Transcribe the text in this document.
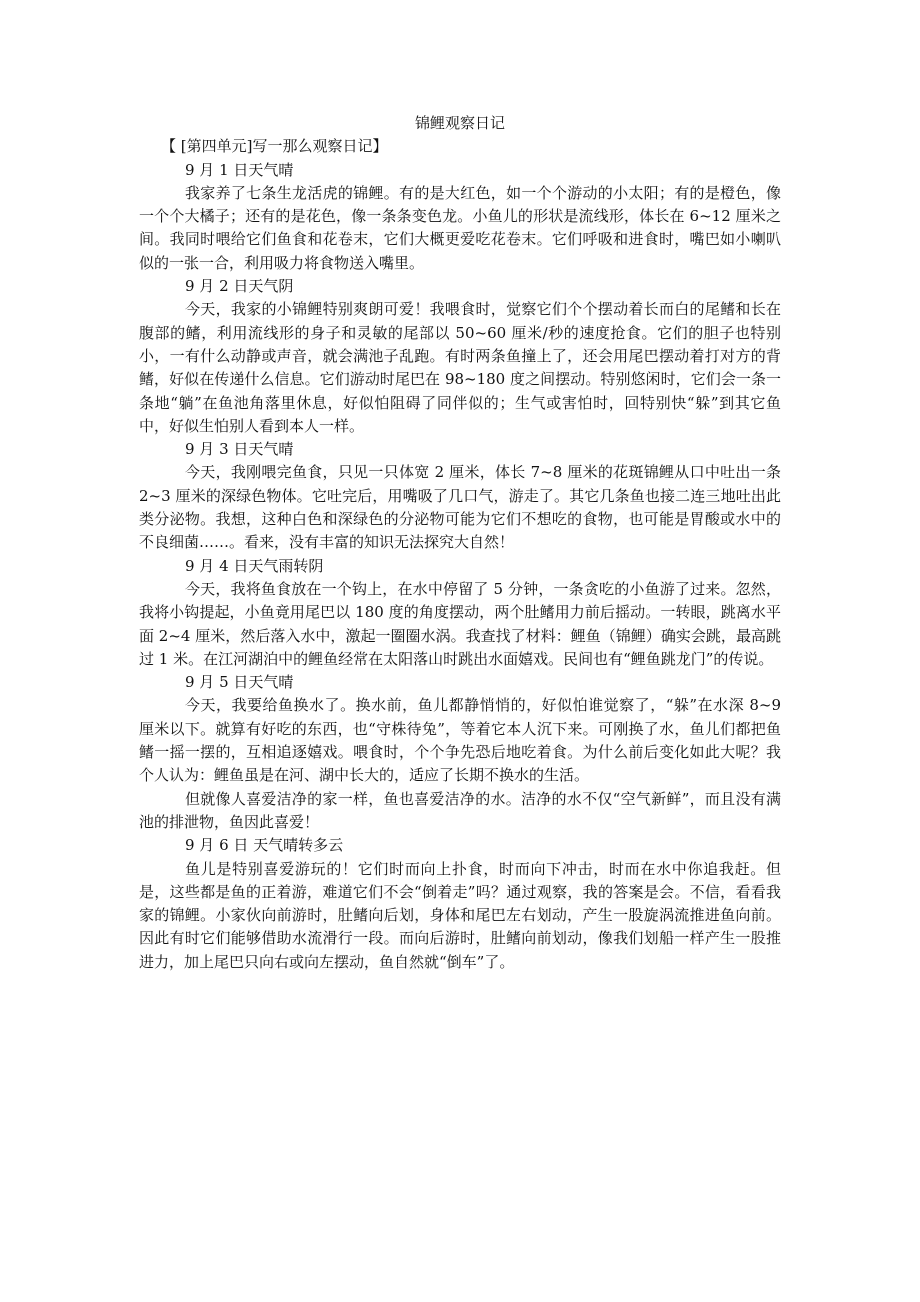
锦鲤观察日记

【 [第四单元]写一那么观察日记】

9 月 1 日天气晴

我家养了七条生龙活虎的锦鲤。有的是大红色，如一个个游动的小太阳；有的是橙色，像一个个大橘子；还有的是花色，像一条条变色龙。小鱼儿的形状是流线形，体长在 6~12 厘米之间。我同时喂给它们鱼食和花卷末，它们大概更爱吃花卷末。它们呼吸和进食时，嘴巴如小喇叭似的一张一合，利用吸力将食物送入嘴里。

9 月 2 日天气阴

今天，我家的小锦鲤特别爽朗可爱！我喂食时，觉察它们个个摆动着长而白的尾鳍和长在腹部的鳍，利用流线形的身子和灵敏的尾部以 50~60 厘米/秒的速度抢食。它们的胆子也特别小，一有什么动静或声音，就会满池子乱跑。有时两条鱼撞上了，还会用尾巴摆动着打对方的背鳍，好似在传递什么信息。它们游动时尾巴在 98~180 度之间摆动。特别悠闲时，它们会一条一条地“躺”在鱼池角落里休息，好似怕阻碍了同伴似的；生气或害怕时，回特别快“躲”到其它鱼中，好似生怕别人看到本人一样。

9 月 3 日天气晴

今天，我刚喂完鱼食，只见一只体宽 2 厘米，体长 7~8 厘米的花斑锦鲤从口中吐出一条 2~3 厘米的深绿色物体。它吐完后，用嘴吸了几口气，游走了。其它几条鱼也接二连三地吐出此类分泌物。我想，这种白色和深绿色的分泌物可能为它们不想吃的食物，也可能是胃酸或水中的不良细菌……。看来，没有丰富的知识无法探究大自然！

9 月 4 日天气雨转阴

今天，我将鱼食放在一个钩上，在水中停留了 5 分钟，一条贪吃的小鱼游了过来。忽然，我将小钩提起，小鱼竟用尾巴以 180 度的角度摆动，两个肚鳍用力前后摇动。一转眼，跳离水平面 2~4 厘米，然后落入水中，激起一圈圈水涡。我查找了材料：鲤鱼（锦鲤）确实会跳，最高跳过 1 米。在江河湖泊中的鲤鱼经常在太阳落山时跳出水面嬉戏。民间也有“鲤鱼跳龙门”的传说。

9 月 5 日天气晴

今天，我要给鱼换水了。换水前，鱼儿都静悄悄的，好似怕谁觉察了，“躲”在水深 8~9 厘米以下。就算有好吃的东西，也“守株待兔”，等着它本人沉下来。可刚换了水，鱼儿们都把鱼鳍一摇一摆的，互相追逐嬉戏。喂食时，个个争先恐后地吃着食。为什么前后变化如此大呢？我个人认为：鲤鱼虽是在河、湖中长大的，适应了长期不换水的生活。

但就像人喜爱洁净的家一样，鱼也喜爱洁净的水。洁净的水不仅“空气新鲜”，而且没有满池的排泄物，鱼因此喜爱！

9 月 6 日 天气晴转多云

鱼儿是特别喜爱游玩的！它们时而向上扑食，时而向下冲击，时而在水中你追我赶。但是，这些都是鱼的正着游，难道它们不会“倒着走”吗？通过观察，我的答案是会。不信，看看我家的锦鲤。小家伙向前游时，肚鳍向后划，身体和尾巴左右划动，产生一股旋涡流推进鱼向前。因此有时它们能够借助水流滑行一段。而向后游时，肚鳍向前划动，像我们划船一样产生一股推进力，加上尾巴只向右或向左摆动，鱼自然就“倒车”了。
